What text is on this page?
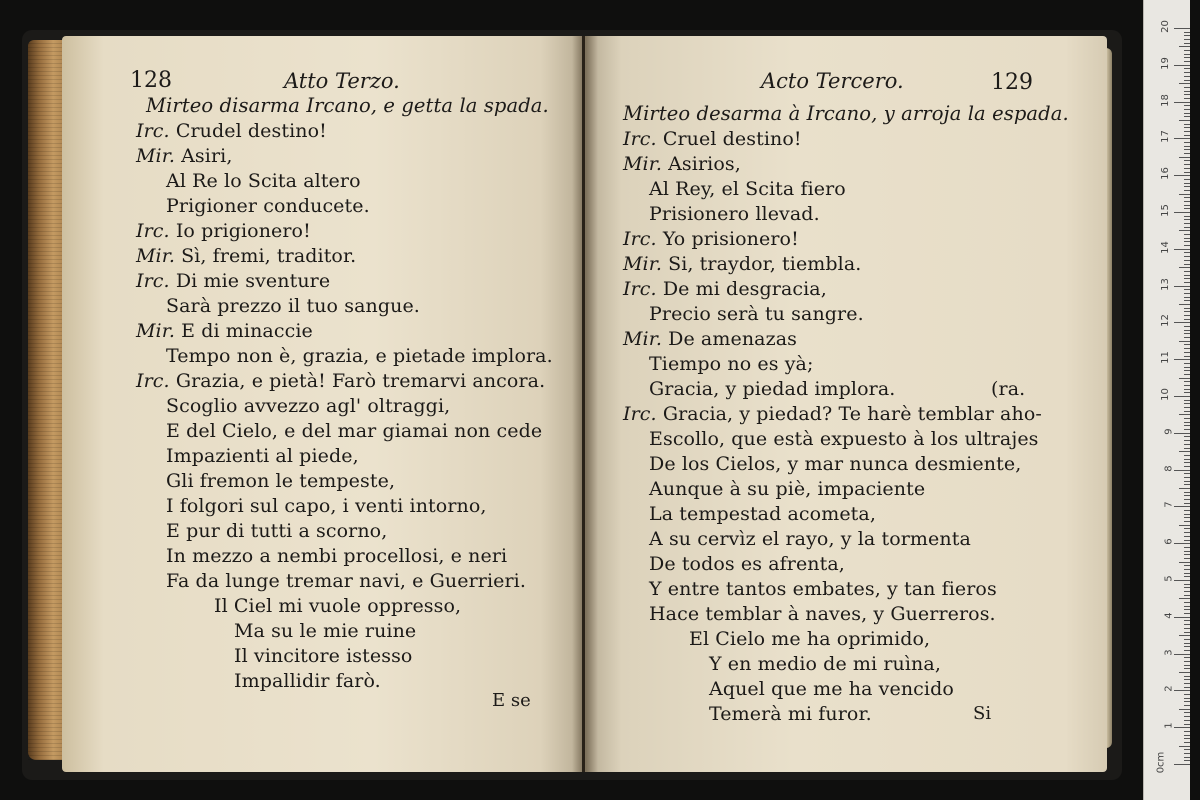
128	Atto Terzo.
Mirteo disarma Ircano, e getta la spada.
Irc. Crudel destino!
Mir. Asiri,
Al Re lo Scita altero
Prigioner conducete.
Irc. Io prigionero!
Mir. Sì, fremi, traditor.
Irc. Di mie sventure
Sarà prezzo il tuo sangue.
Mir. E di minaccie
Tempo non è, grazia, e pietade implora.
Irc. Grazia, e pietà! Farò tremarvi ancora.
Scoglio avvezzo agl' oltraggi,
E del Cielo, e del mar giamai non cede
Impazienti al piede,
Gli fremon le tempeste,
I folgori sul capo, i venti intorno,
E pur di tutti a scorno,
In mezzo a nembi procellosi, e neri
Fa da lunge tremar navi, e Guerrieri.
Il Ciel mi vuole oppresso,
Ma su le mie ruine
Il vincitore istesso
Impallidir farò.
E se
Acto Tercero.	129
Mirteo desarma à Ircano, y arroja la espada.
Irc. Cruel destino!
Mir. Asirios,
Al Rey, el Scita fiero
Prisionero llevad.
Irc. Yo prisionero!
Mir. Si, traydor, tiembla.
Irc. De mi desgracia,
Precio serà tu sangre.
Mir. De amenazas
Tiempo no es yà;
Gracia, y piedad implora.	(ra.
Irc. Gracia, y piedad? Te harè temblar aho-
Escollo, que està expuesto à los ultrajes
De los Cielos, y mar nunca desmiente,
Aunque à su piè, impaciente
La tempestad acometa,
A su cervìz el rayo, y la tormenta
De todos es afrenta,
Y entre tantos embates, y tan fieros
Hace temblar à naves, y Guerreros.
El Cielo me ha oprimido,
Y en medio de mi ruìna,
Aquel que me ha vencido
Temerà mi furor.	Si
20
19
18
17
16
15
14
13
12
11
10
9
8
7
6
5
4
3
2
1
0cm
